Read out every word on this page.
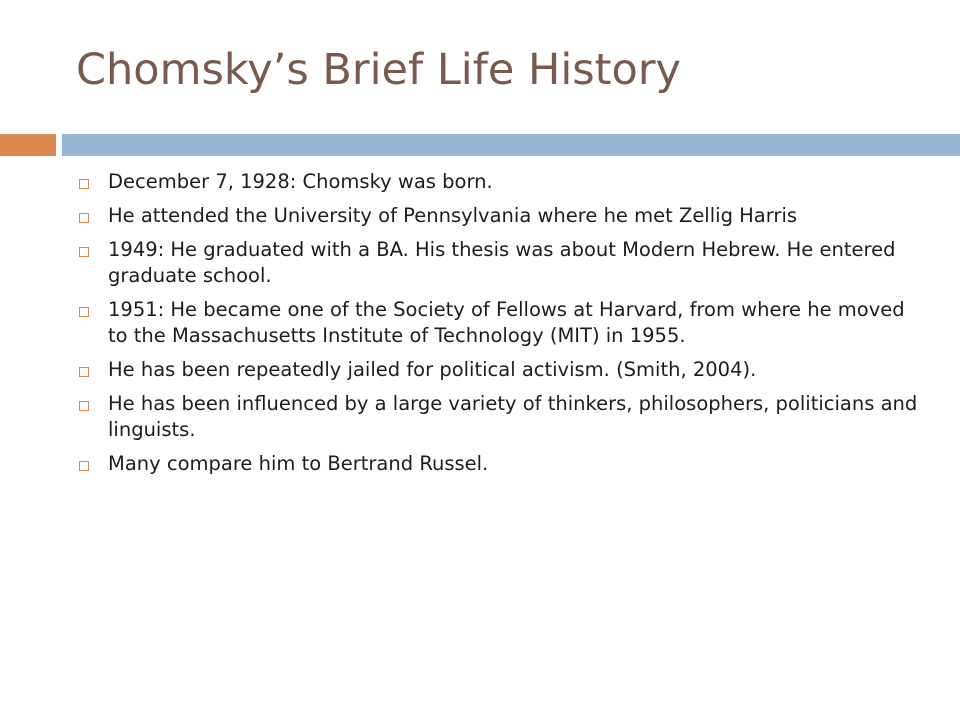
Chomsky’s Brief Life History
December 7, 1928: Chomsky was born.
He attended the University of Pennsylvania where he met Zellig Harris
1949: He graduated with a BA. His thesis was about Modern Hebrew. He entered graduate school.
1951: He became one of the Society of Fellows at Harvard, from where he moved to the Massachusetts Institute of Technology (MIT) in 1955.
He has been repeatedly jailed for political activism. (Smith, 2004).
He has been influenced by a large variety of thinkers, philosophers, politicians and linguists.
Many compare him to Bertrand Russel.
